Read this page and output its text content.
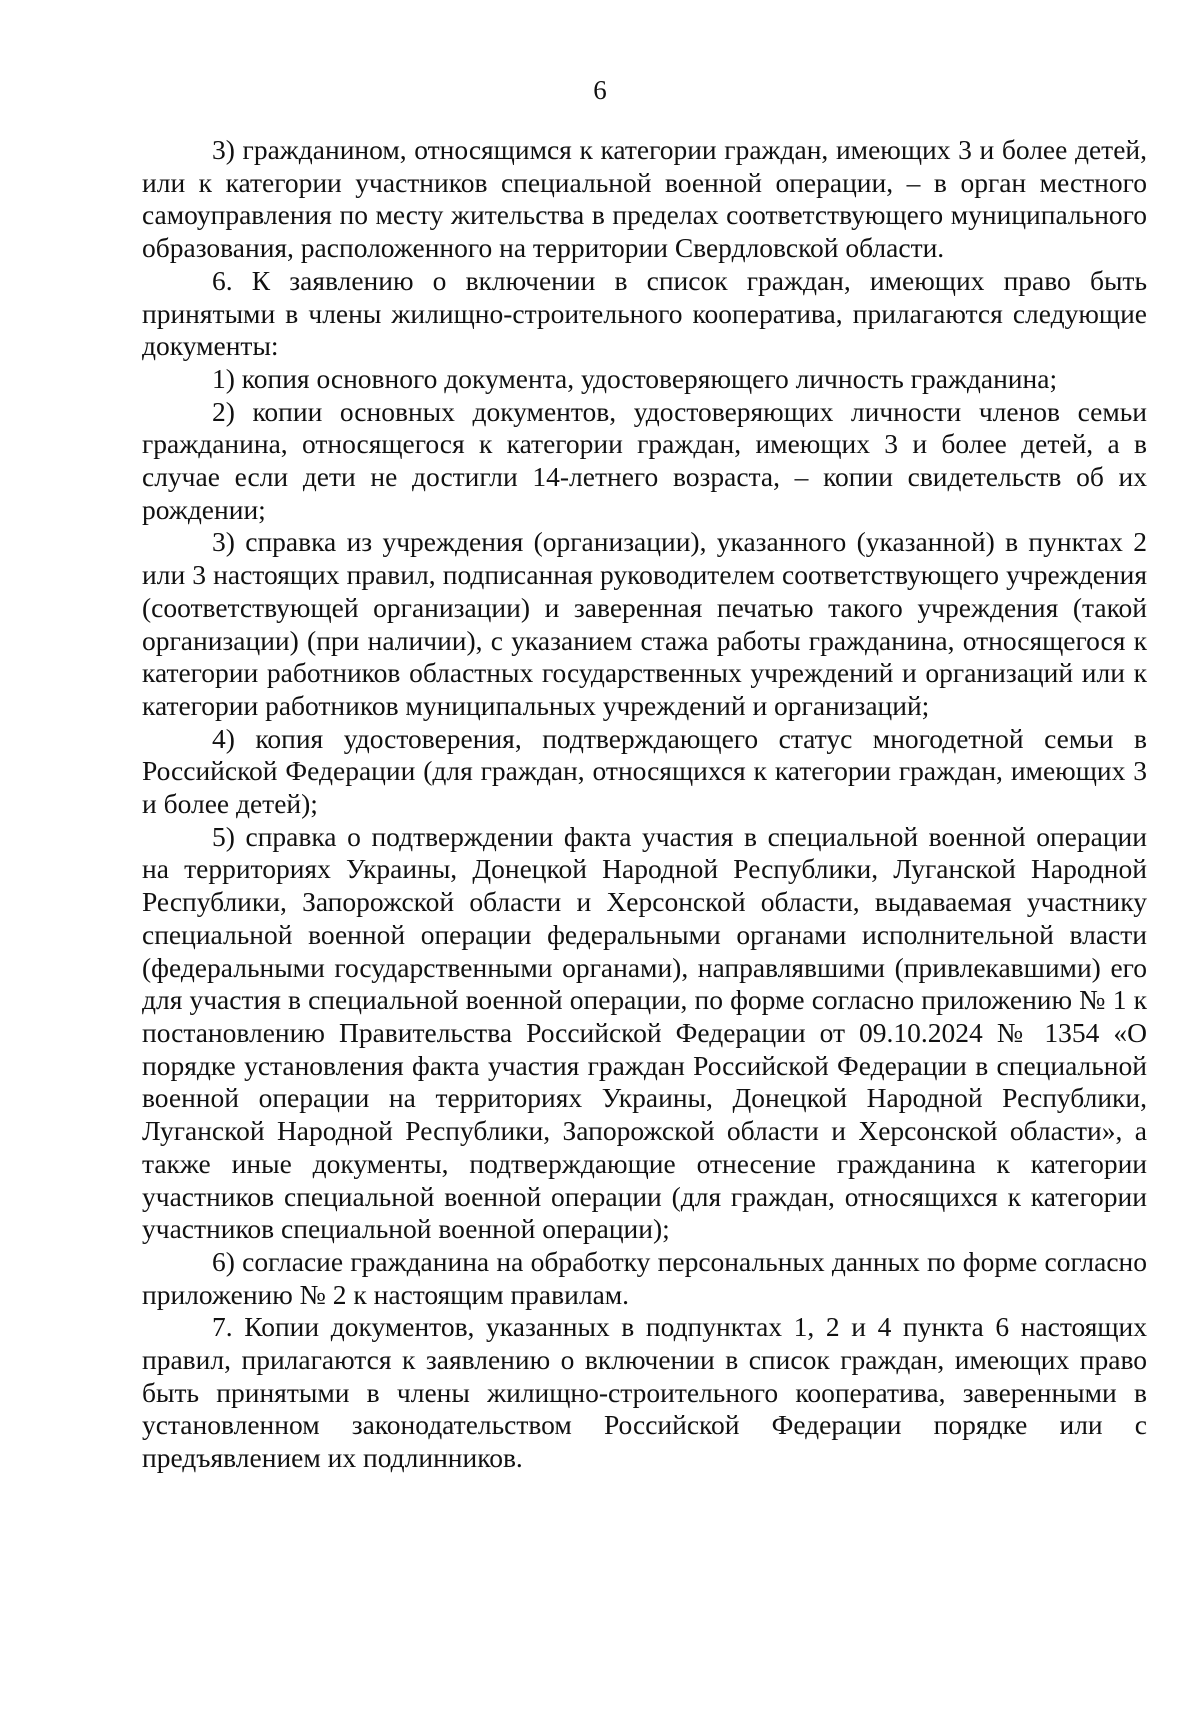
6

3) гражданином, относящимся к категории граждан, имеющих 3 и более детей, или к категории участников специальной военной операции, – в орган местного самоуправления по месту жительства в пределах соответствующего муниципального образования, расположенного на территории Свердловской области.

6. К заявлению о включении в список граждан, имеющих право быть принятыми в члены жилищно-строительного кооператива, прилагаются следующие документы:

1) копия основного документа, удостоверяющего личность гражданина;

2) копии основных документов, удостоверяющих личности членов семьи гражданина, относящегося к категории граждан, имеющих 3 и более детей, а в случае если дети не достигли 14-летнего возраста, – копии свидетельств об их рождении;

3) справка из учреждения (организации), указанного (указанной) в пунктах 2 или 3 настоящих правил, подписанная руководителем соответствующего учреждения (соответствующей организации) и заверенная печатью такого учреждения (такой организации) (при наличии), с указанием стажа работы гражданина, относящегося к категории работников областных государственных учреждений и организаций или к категории работников муниципальных учреждений и организаций;

4) копия удостоверения, подтверждающего статус многодетной семьи в Российской Федерации (для граждан, относящихся к категории граждан, имеющих 3 и более детей);

5) справка о подтверждении факта участия в специальной военной операции на территориях Украины, Донецкой Народной Республики, Луганской Народной Республики, Запорожской области и Херсонской области, выдаваемая участнику специальной военной операции федеральными органами исполнительной власти (федеральными государственными органами), направлявшими (привлекавшими) его для участия в специальной военной операции, по форме согласно приложению № 1 к постановлению Правительства Российской Федерации от 09.10.2024 № 1354 «О порядке установления факта участия граждан Российской Федерации в специальной военной операции на территориях Украины, Донецкой Народной Республики, Луганской Народной Республики, Запорожской области и Херсонской области», а также иные документы, подтверждающие отнесение гражданина к категории участников специальной военной операции (для граждан, относящихся к категории участников специальной военной операции);

6) согласие гражданина на обработку персональных данных по форме согласно приложению № 2 к настоящим правилам.

7. Копии документов, указанных в подпунктах 1, 2 и 4 пункта 6 настоящих правил, прилагаются к заявлению о включении в список граждан, имеющих право быть принятыми в члены жилищно-строительного кооператива, заверенными в установленном законодательством Российской Федерации порядке или с предъявлением их подлинников.
